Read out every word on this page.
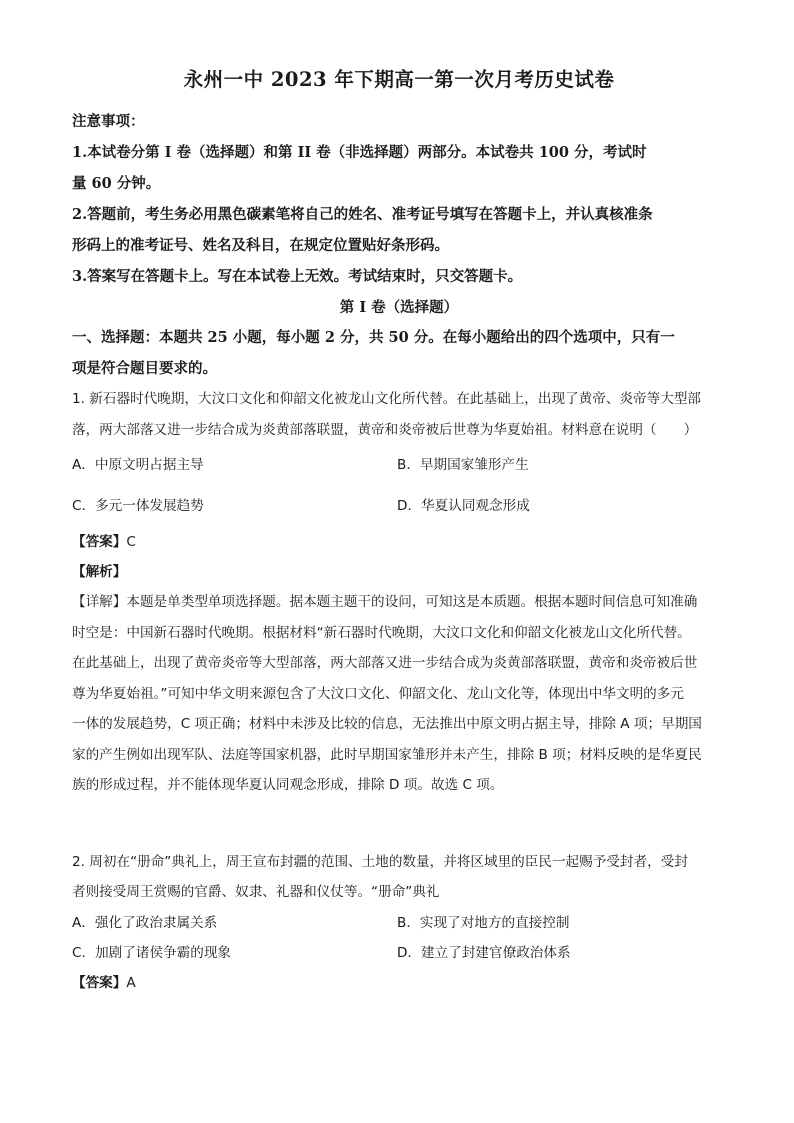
永州一中 2023 年下期高一第一次月考历史试卷

注意事项：

1.本试卷分第 I 卷（选择题）和第 II 卷（非选择题）两部分。本试卷共 100 分，考试时

量 60 分钟。

2.答题前，考生务必用黑色碳素笔将自己的姓名、准考证号填写在答题卡上，并认真核准条

形码上的准考证号、姓名及科目，在规定位置贴好条形码。

3.答案写在答题卡上。写在本试卷上无效。考试结束时，只交答题卡。

第 I 卷（选择题）

一、选择题：本题共 25 小题，每小题 2 分，共 50 分。在每小题给出的四个选项中，只有一

项是符合题目要求的。

1. 新石器时代晚期，大汶口文化和仰韶文化被龙山文化所代替。在此基础上，出现了黄帝、炎帝等大型部

落，两大部落又进一步结合成为炎黄部落联盟，黄帝和炎帝被后世尊为华夏始祖。材料意在说明（　　）

A．中原文明占据主导	B．早期国家雏形产生
C．多元一体发展趋势	D．华夏认同观念形成

【答案】C

【解析】

【详解】本题是单类型单项选择题。据本题主题干的设问，可知这是本质题。根据本题时间信息可知准确

时空是：中国新石器时代晚期。根据材料“新石器时代晚期，大汶口文化和仰韶文化被龙山文化所代替。

在此基础上，出现了黄帝炎帝等大型部落，两大部落又进一步结合成为炎黄部落联盟，黄帝和炎帝被后世

尊为华夏始祖。”可知中华文明来源包含了大汶口文化、仰韶文化、龙山文化等，体现出中华文明的多元

一体的发展趋势，C 项正确；材料中未涉及比较的信息，无法推出中原文明占据主导，排除 A 项；早期国

家的产生例如出现军队、法庭等国家机器，此时早期国家雏形并未产生，排除 B 项；材料反映的是华夏民

族的形成过程，并不能体现华夏认同观念形成，排除 D 项。故选 C 项。

2. 周初在“册命”典礼上，周王宣布封疆的范围、土地的数量，并将区域里的臣民一起赐予受封者，受封

者则接受周王赏赐的官爵、奴隶、礼器和仪仗等。“册命”典礼

A．强化了政治隶属关系	B．实现了对地方的直接控制
C．加剧了诸侯争霸的现象	D．建立了封建官僚政治体系

【答案】A
